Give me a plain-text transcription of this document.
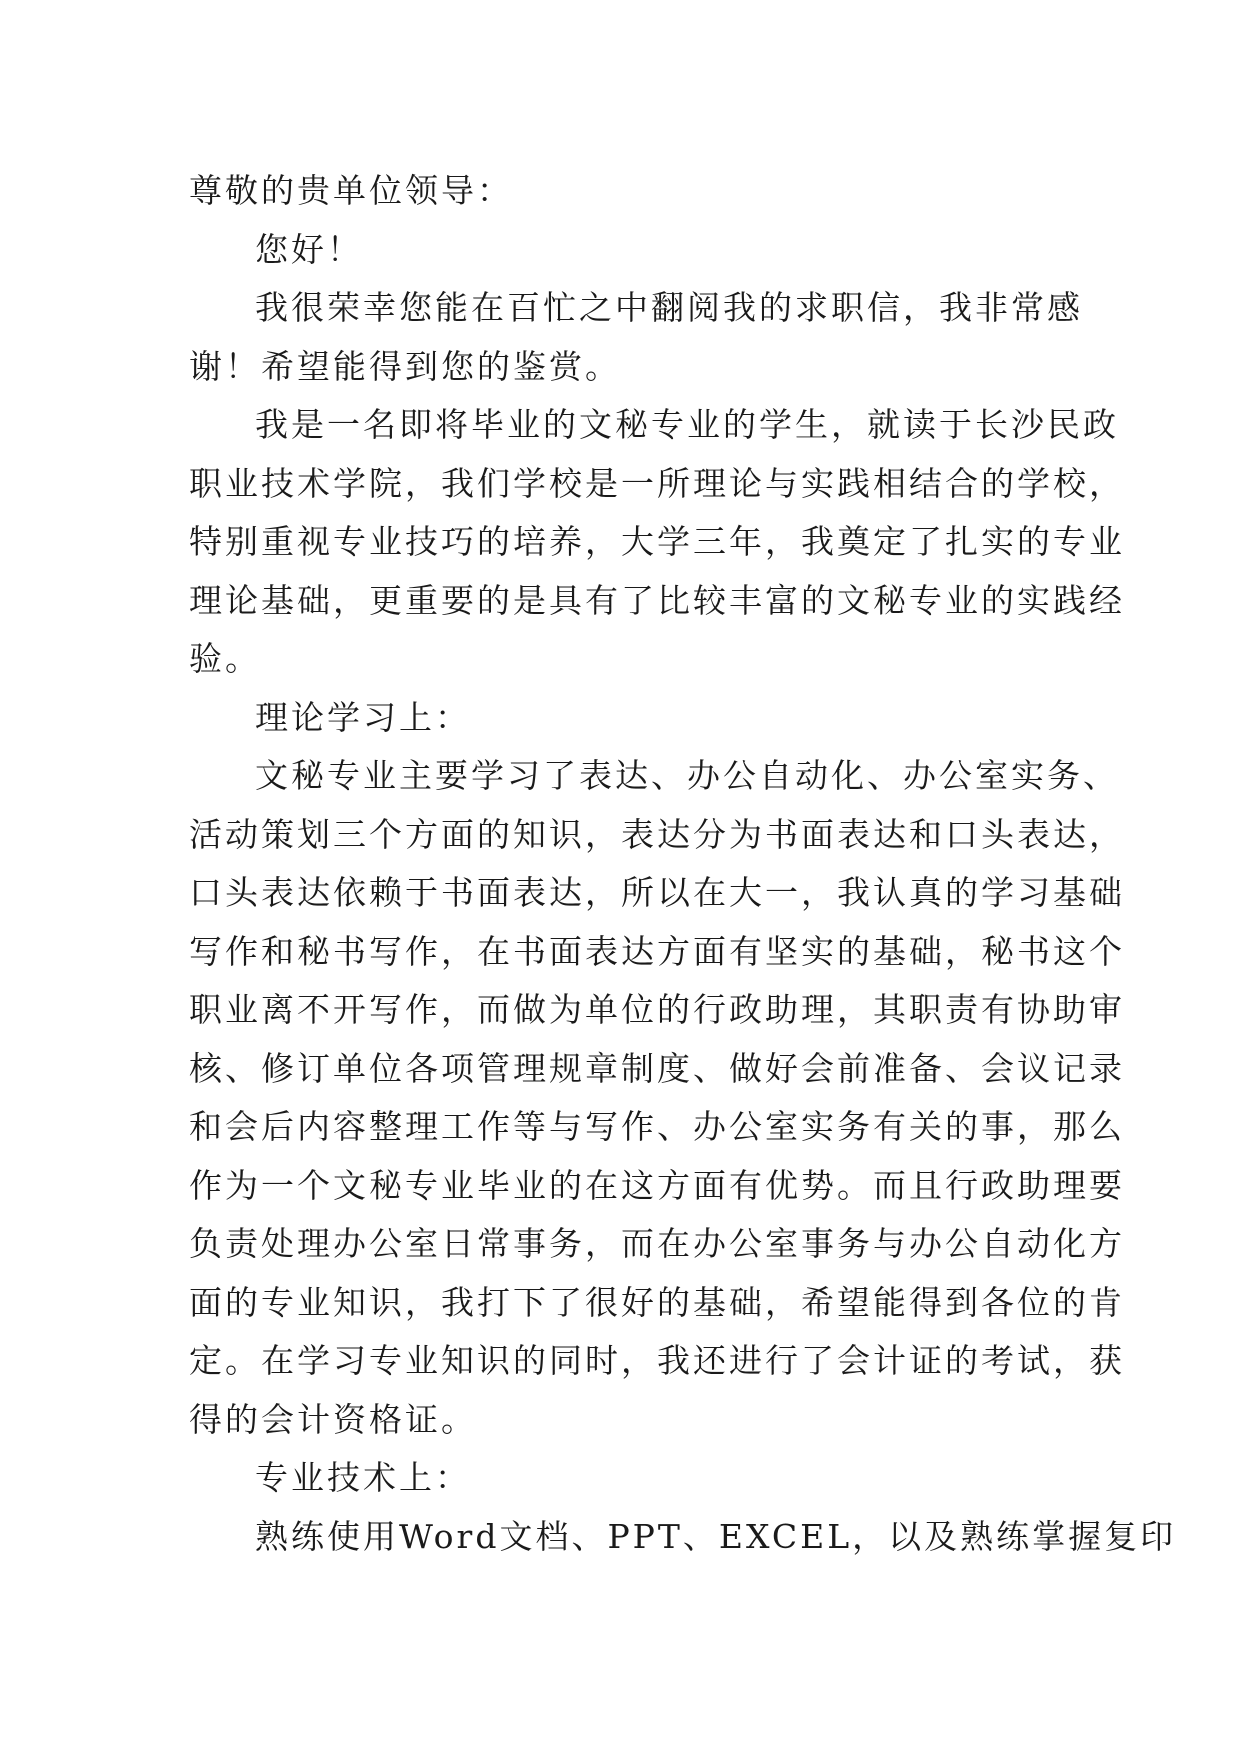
尊敬的贵单位领导：
您好！
我很荣幸您能在百忙之中翻阅我的求职信，我非常感
谢！希望能得到您的鉴赏。
我是一名即将毕业的文秘专业的学生，就读于长沙民政
职业技术学院，我们学校是一所理论与实践相结合的学校，
特别重视专业技巧的培养，大学三年，我奠定了扎实的专业
理论基础，更重要的是具有了比较丰富的文秘专业的实践经
验。
理论学习上：
文秘专业主要学习了表达、办公自动化、办公室实务、
活动策划三个方面的知识，表达分为书面表达和口头表达，
口头表达依赖于书面表达，所以在大一，我认真的学习基础
写作和秘书写作，在书面表达方面有坚实的基础，秘书这个
职业离不开写作，而做为单位的行政助理，其职责有协助审
核、修订单位各项管理规章制度、做好会前准备、会议记录
和会后内容整理工作等与写作、办公室实务有关的事，那么
作为一个文秘专业毕业的在这方面有优势。而且行政助理要
负责处理办公室日常事务，而在办公室事务与办公自动化方
面的专业知识，我打下了很好的基础，希望能得到各位的肯
定。在学习专业知识的同时，我还进行了会计证的考试，获
得的会计资格证。
专业技术上：
熟练使用Word文档、PPT、EXCEL，以及熟练掌握复印
